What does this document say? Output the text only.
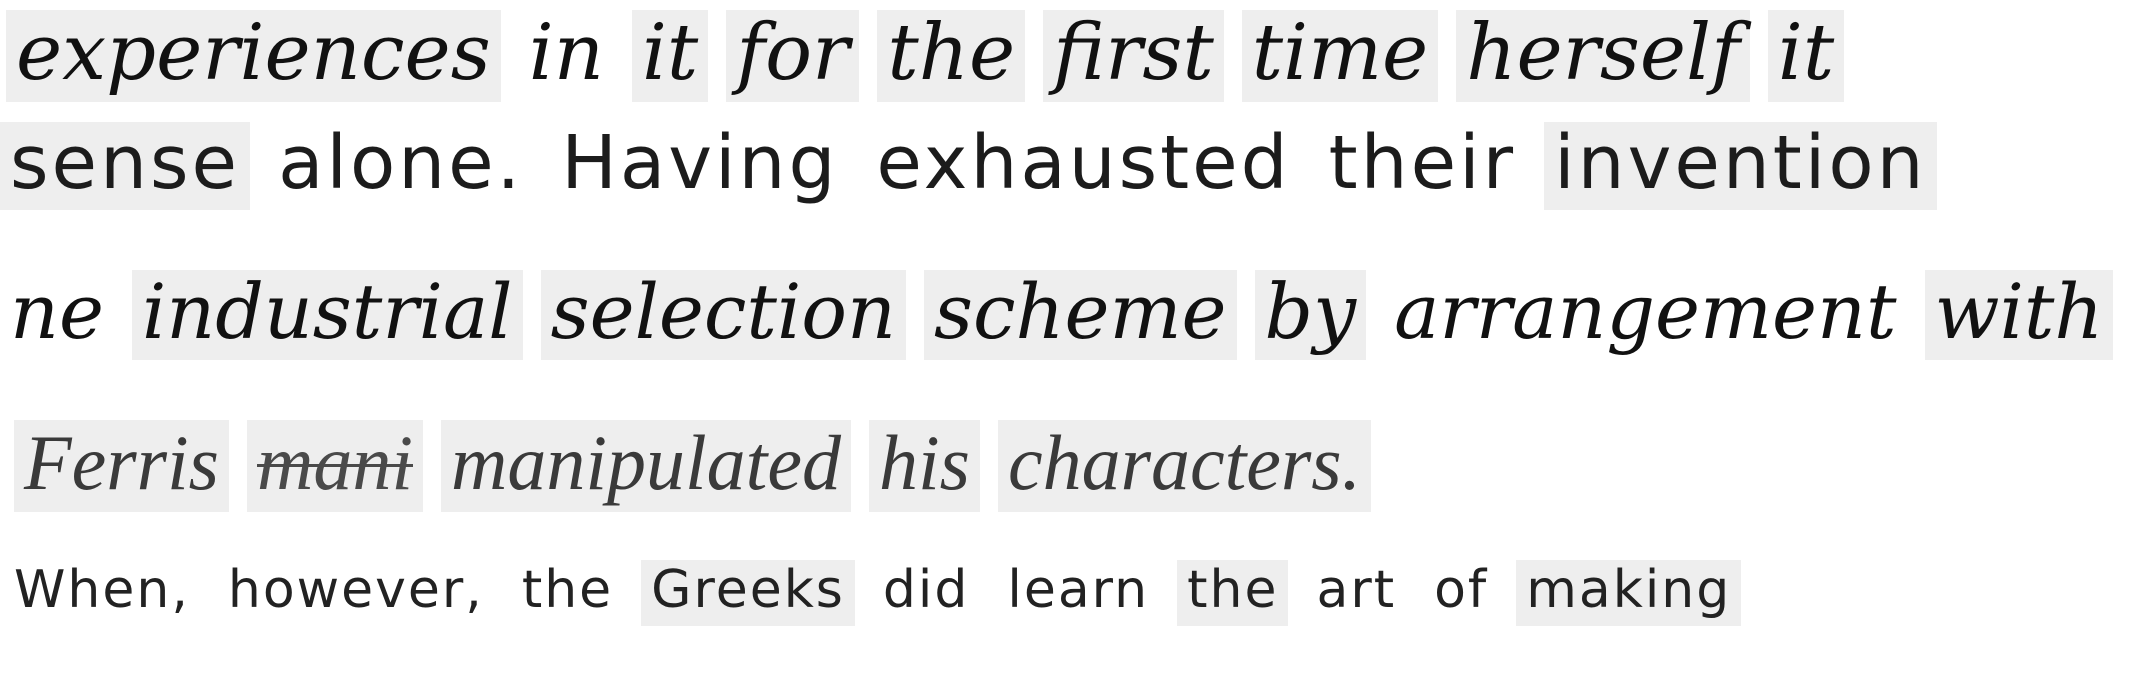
experiences in it for the first time herself it
sense alone. Having exhausted their invention
ne industrial selection scheme by arrangement with
Ferris mani manipulated his characters.
When, however, the Greeks did learn the art of making
